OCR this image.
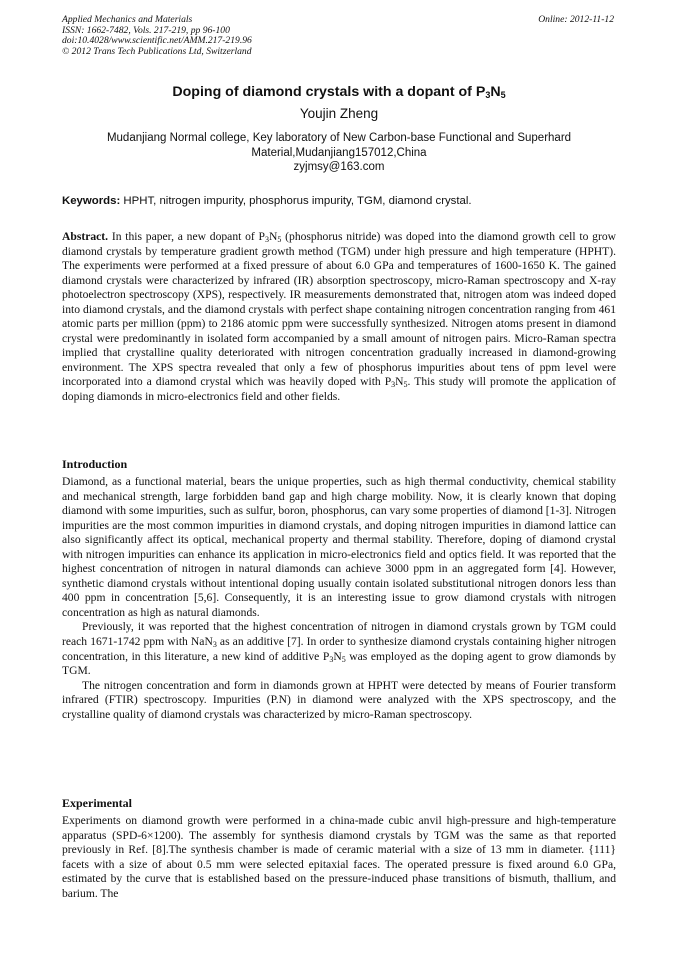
Applied Mechanics and Materials
ISSN: 1662-7482, Vols. 217-219, pp 96-100
doi:10.4028/www.scientific.net/AMM.217-219.96
© 2012 Trans Tech Publications Ltd, Switzerland
Online: 2012-11-12
Doping of diamond crystals with a dopant of $P_3N_5$
Youjin Zheng
Mudanjiang Normal college, Key laboratory of New Carbon-base Functional and Superhard
Material,Mudanjiang157012,China
zyjmsy@163.com
Keywords: HPHT, nitrogen impurity, phosphorus impurity, TGM, diamond crystal.

Abstract. In this paper, a new dopant of $P_3N_5$ (phosphorus nitride) was doped into the diamond growth cell to grow diamond crystals by temperature gradient growth method (TGM) under high pressure and high temperature (HPHT). The experiments were performed at a fixed pressure of about 6.0 GPa and temperatures of 1600-1650 K. The gained diamond crystals were characterized by infrared (IR) absorption spectroscopy, micro-Raman spectroscopy and X-ray photoelectron spectroscopy (XPS), respectively. IR measurements demonstrated that, nitrogen atom was indeed doped into diamond crystals, and the diamond crystals with perfect shape containing nitrogen concentration ranging from 461 atomic parts per million (ppm) to 2186 atomic ppm were successfully synthesized. Nitrogen atoms present in diamond crystal were predominantly in isolated form accompanied by a small amount of nitrogen pairs. Micro-Raman spectra implied that crystalline quality deteriorated with nitrogen concentration gradually increased in diamond-growing environment. The XPS spectra revealed that only a few of phosphorus impurities about tens of ppm level were incorporated into a diamond crystal which was heavily doped with $P_3N_5$. This study will promote the application of doping diamonds in micro-electronics field and other fields.

Introduction

Diamond, as a functional material, bears the unique properties, such as high thermal conductivity, chemical stability and mechanical strength, large forbidden band gap and high charge mobility. Now, it is clearly known that doping diamond with some impurities, such as sulfur, boron, phosphorus, can vary some properties of diamond [1-3]. Nitrogen impurities are the most common impurities in diamond crystals, and doping nitrogen impurities in diamond lattice can also significantly affect its optical, mechanical property and thermal stability. Therefore, doping of diamond crystal with nitrogen impurities can enhance its application in micro-electronics field and optics field. It was reported that the highest concentration of nitrogen in natural diamonds can achieve 3000 ppm in an aggregated form [4]. However, synthetic diamond crystals without intentional doping usually contain isolated substitutional nitrogen donors less than 400 ppm in concentration [5,6]. Consequently, it is an interesting issue to grow diamond crystals with nitrogen concentration as high as natural diamonds.

Previously, it was reported that the highest concentration of nitrogen in diamond crystals grown by TGM could reach 1671-1742 ppm with NaN$_3$ as an additive [7]. In order to synthesize diamond crystals containing higher nitrogen concentration, in this literature, a new kind of additive $P_3N_5$ was employed as the doping agent to grow diamonds by TGM.

The nitrogen concentration and form in diamonds grown at HPHT were detected by means of Fourier transform infrared (FTIR) spectroscopy. Impurities (P.N) in diamond were analyzed with the XPS spectroscopy, and the crystalline quality of diamond crystals was characterized by micro-Raman spectroscopy.

Experimental

Experiments on diamond growth were performed in a china-made cubic anvil high-pressure and high-temperature apparatus (SPD-6×1200). The assembly for synthesis diamond crystals by TGM was the same as that reported previously in Ref. [8].The synthesis chamber is made of ceramic material with a size of 13 mm in diameter. {111} facets with a size of about 0.5 mm were selected epitaxial faces. The operated pressure is fixed around 6.0 GPa, estimated by the curve that is established based on the pressure-induced phase transitions of bismuth, thallium, and barium. The
